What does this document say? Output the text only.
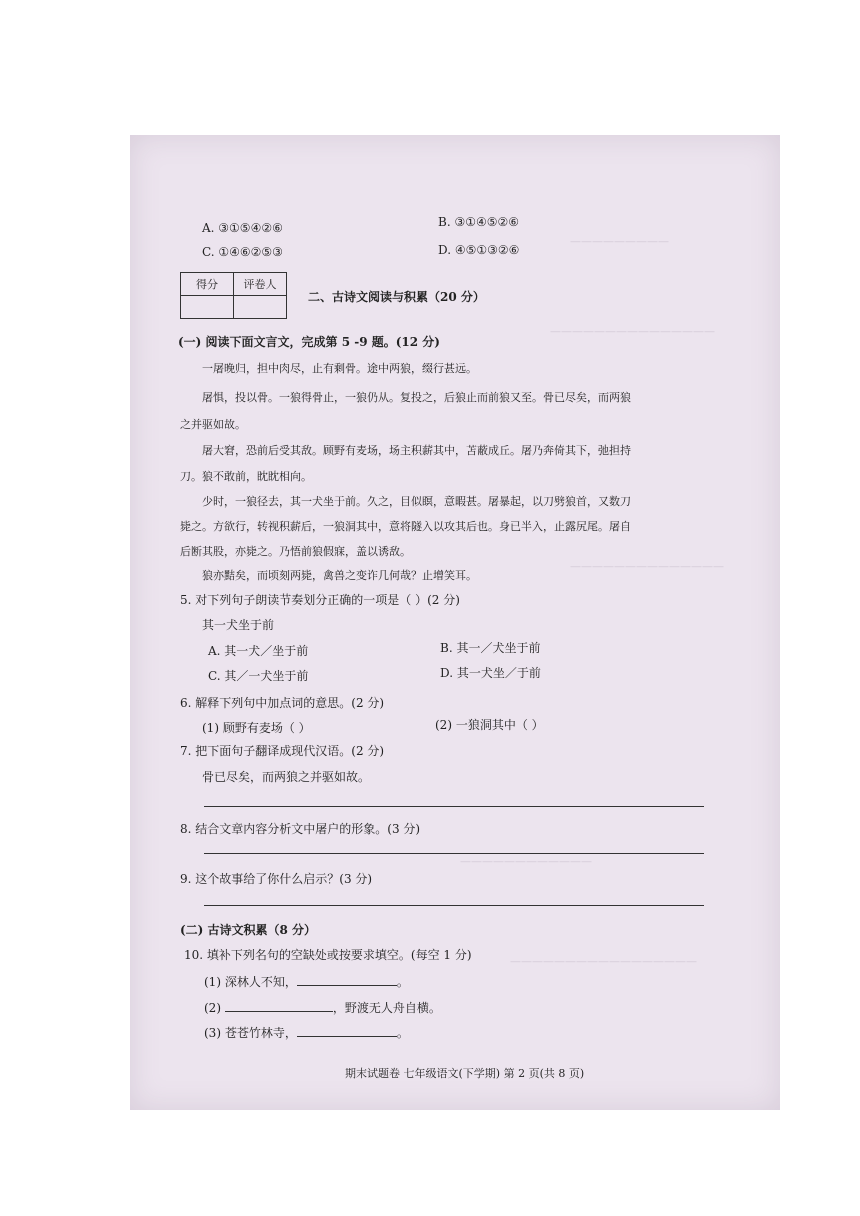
—————————
———————————————
——————————————
————————————
—————————————————
A. ③①⑤④②⑥	B. ③①④⑤②⑥
C. ①④⑥②⑤③	D. ④⑤①③②⑥
得分	评卷人

二、古诗文阅读与积累（20 分）
(一) 阅读下面文言文，完成第 5 -9 题。(12 分)
一屠晚归，担中肉尽，止有剩骨。途中两狼，缀行甚远。
屠惧，投以骨。一狼得骨止，一狼仍从。复投之，后狼止而前狼又至。骨已尽矣，而两狼
之并驱如故。
屠大窘，恐前后受其敌。顾野有麦场，场主积薪其中，苫蔽成丘。屠乃奔倚其下，弛担持
刀。狼不敢前，眈眈相向。
少时，一狼径去，其一犬坐于前。久之，目似瞑，意暇甚。屠暴起，以刀劈狼首，又数刀
毙之。方欲行，转视积薪后，一狼洞其中，意将隧入以攻其后也。身已半入，止露尻尾。屠自
后断其股，亦毙之。乃悟前狼假寐，盖以诱敌。
狼亦黠矣，而顷刻两毙，禽兽之变诈几何哉？止增笑耳。
5. 对下列句子朗读节奏划分正确的一项是（ ）(2 分)
其一犬坐于前
A. 其一犬／坐于前	B. 其一／犬坐于前
C. 其／一犬坐于前	D. 其一犬坐／于前
6. 解释下列句中加点词的意思。(2 分)
(1) 顾野有麦场（ ）	(2) 一狼洞其中（ ）
7. 把下面句子翻译成现代汉语。(2 分)
骨已尽矣，而两狼之并驱如故。
8. 结合文章内容分析文中屠户的形象。(3 分)
9. 这个故事给了你什么启示？(3 分)
(二) 古诗文积累（8 分）
10. 填补下列名句的空缺处或按要求填空。(每空 1 分)
(1) 深林人不知，	。
(2)	，野渡无人舟自横。
(3) 苍苍竹林寺，	。
期末试题卷 七年级语文(下学期) 第 2 页(共 8 页)
